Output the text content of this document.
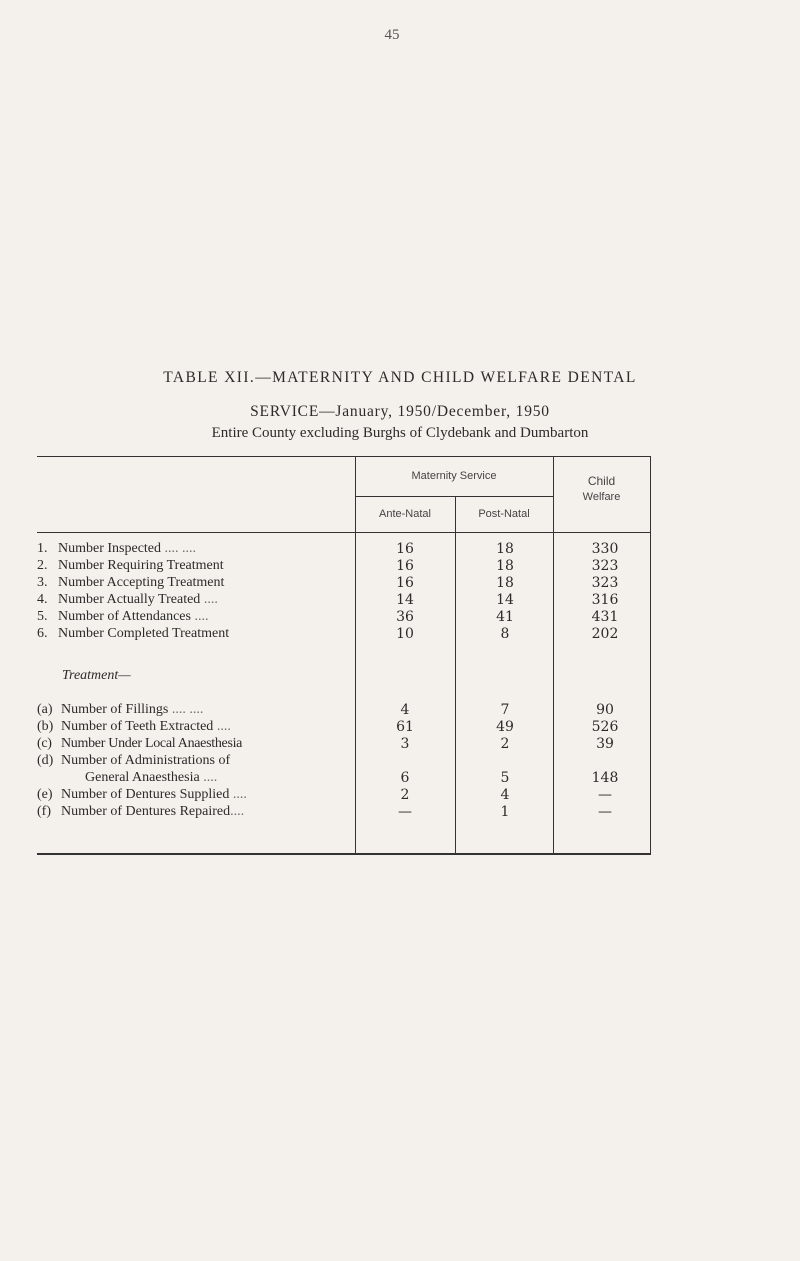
45
TABLE XII.—MATERNITY AND CHILD WELFARE DENTAL
SERVICE—January, 1950/December, 1950
Entire County excluding Burghs of Clydebank and Dumbarton
Maternity Service
Ante-Natal	Post-Natal
Child
Welfare
1. Number Inspected .... ....	16	18	330
2. Number Requiring Treatment	16	18	323
3. Number Accepting Treatment	16	18	323
4. Number Actually Treated ....	14	14	316
5. Number of Attendances ....	36	41	431
6. Number Completed Treatment	10	8	202
Treatment—
(a) Number of Fillings .... ....	4	7	90
(b) Number of Teeth Extracted ....	61	49	526
(c) Number Under Local Anaesthesia	3	2	39
(d) Number of Administrations of
General Anaesthesia ....	6	5	148
(e) Number of Dentures Supplied ....	2	4	—
(f) Number of Dentures Repaired....	—	1	—
